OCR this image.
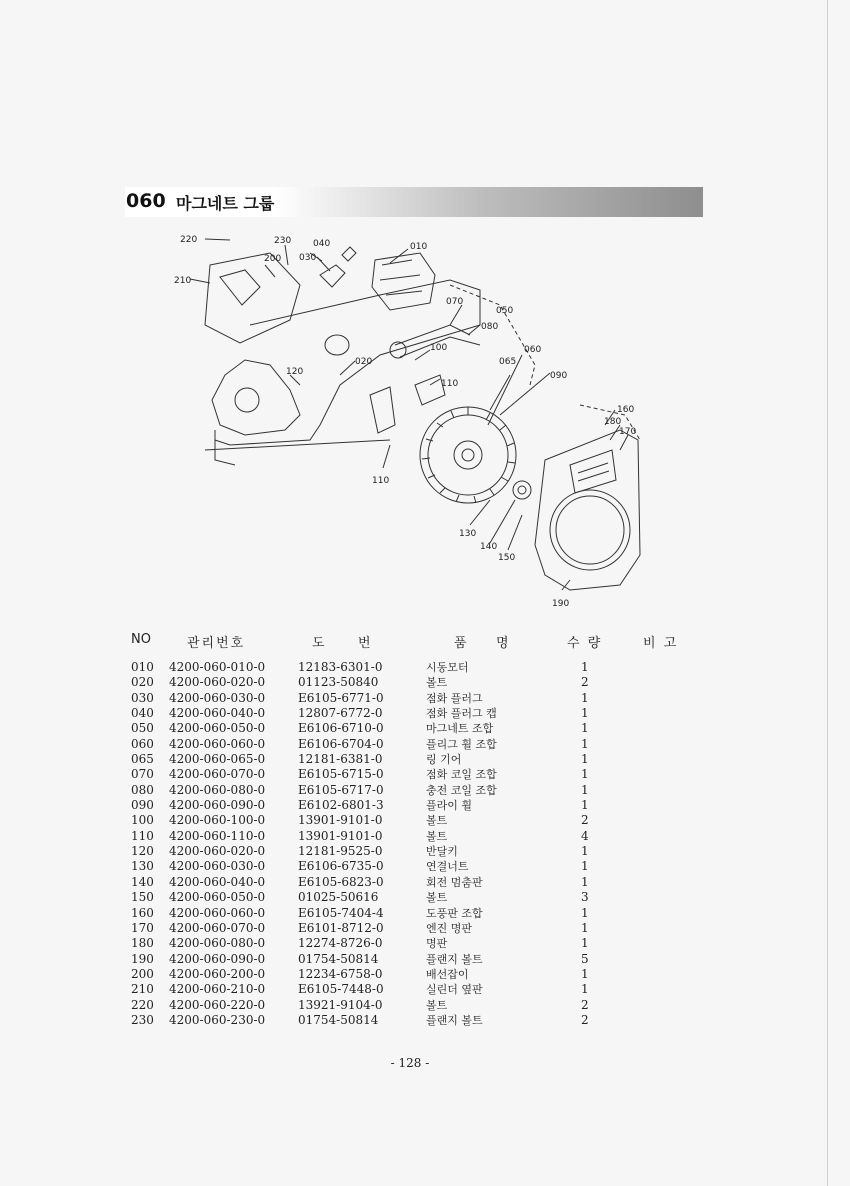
060 마그네트 그룹
220	230 040	010
210
200 030
070
050
080
060
100
065
090
020
120
110
160
180
170
110
130
140
150
190
NO	관리번호	도	번	품 명	수 량	비 고
010 4200-060-010-0	12183-6301-0	시동모터	1
020 4200-060-020-0	01123-50840	볼트	2
030 4200-060-030-0	E6105-6771-0	점화 플러그	1
040 4200-060-040-0	12807-6772-0	점화 플러그 캡	1
050 4200-060-050-0	E6106-6710-0	마그네트 조합	1
060 4200-060-060-0	E6106-6704-0	플리그 휠 조합	1
065 4200-060-065-0	12181-6381-0	링 기어	1
070 4200-060-070-0	E6105-6715-0	점화 코일 조합	1
080 4200-060-080-0	E6105-6717-0	충전 코일 조합	1
090 4200-060-090-0	E6102-6801-3	플라이 휠	1
100 4200-060-100-0	13901-9101-0	볼트	2
110 4200-060-110-0	13901-9101-0	볼트	4
120 4200-060-020-0	12181-9525-0	반달키	1
130 4200-060-030-0	E6106-6735-0	연결너트	1
140 4200-060-040-0	E6105-6823-0	회전 멈춤판	1
150 4200-060-050-0	01025-50616	볼트	3
160 4200-060-060-0	E6105-7404-4	도풍판 조합	1
170 4200-060-070-0	E6101-8712-0	엔진 명판	1
180 4200-060-080-0	12274-8726-0	명판	1
190 4200-060-090-0	01754-50814	플랜지 볼트	5
200 4200-060-200-0	12234-6758-0	배선잡이	1
210 4200-060-210-0	E6105-7448-0	실린더 옆판	1
220 4200-060-220-0	13921-9104-0	볼트	2
230 4200-060-230-0	01754-50814	플랜지 볼트	2
- 128 -
